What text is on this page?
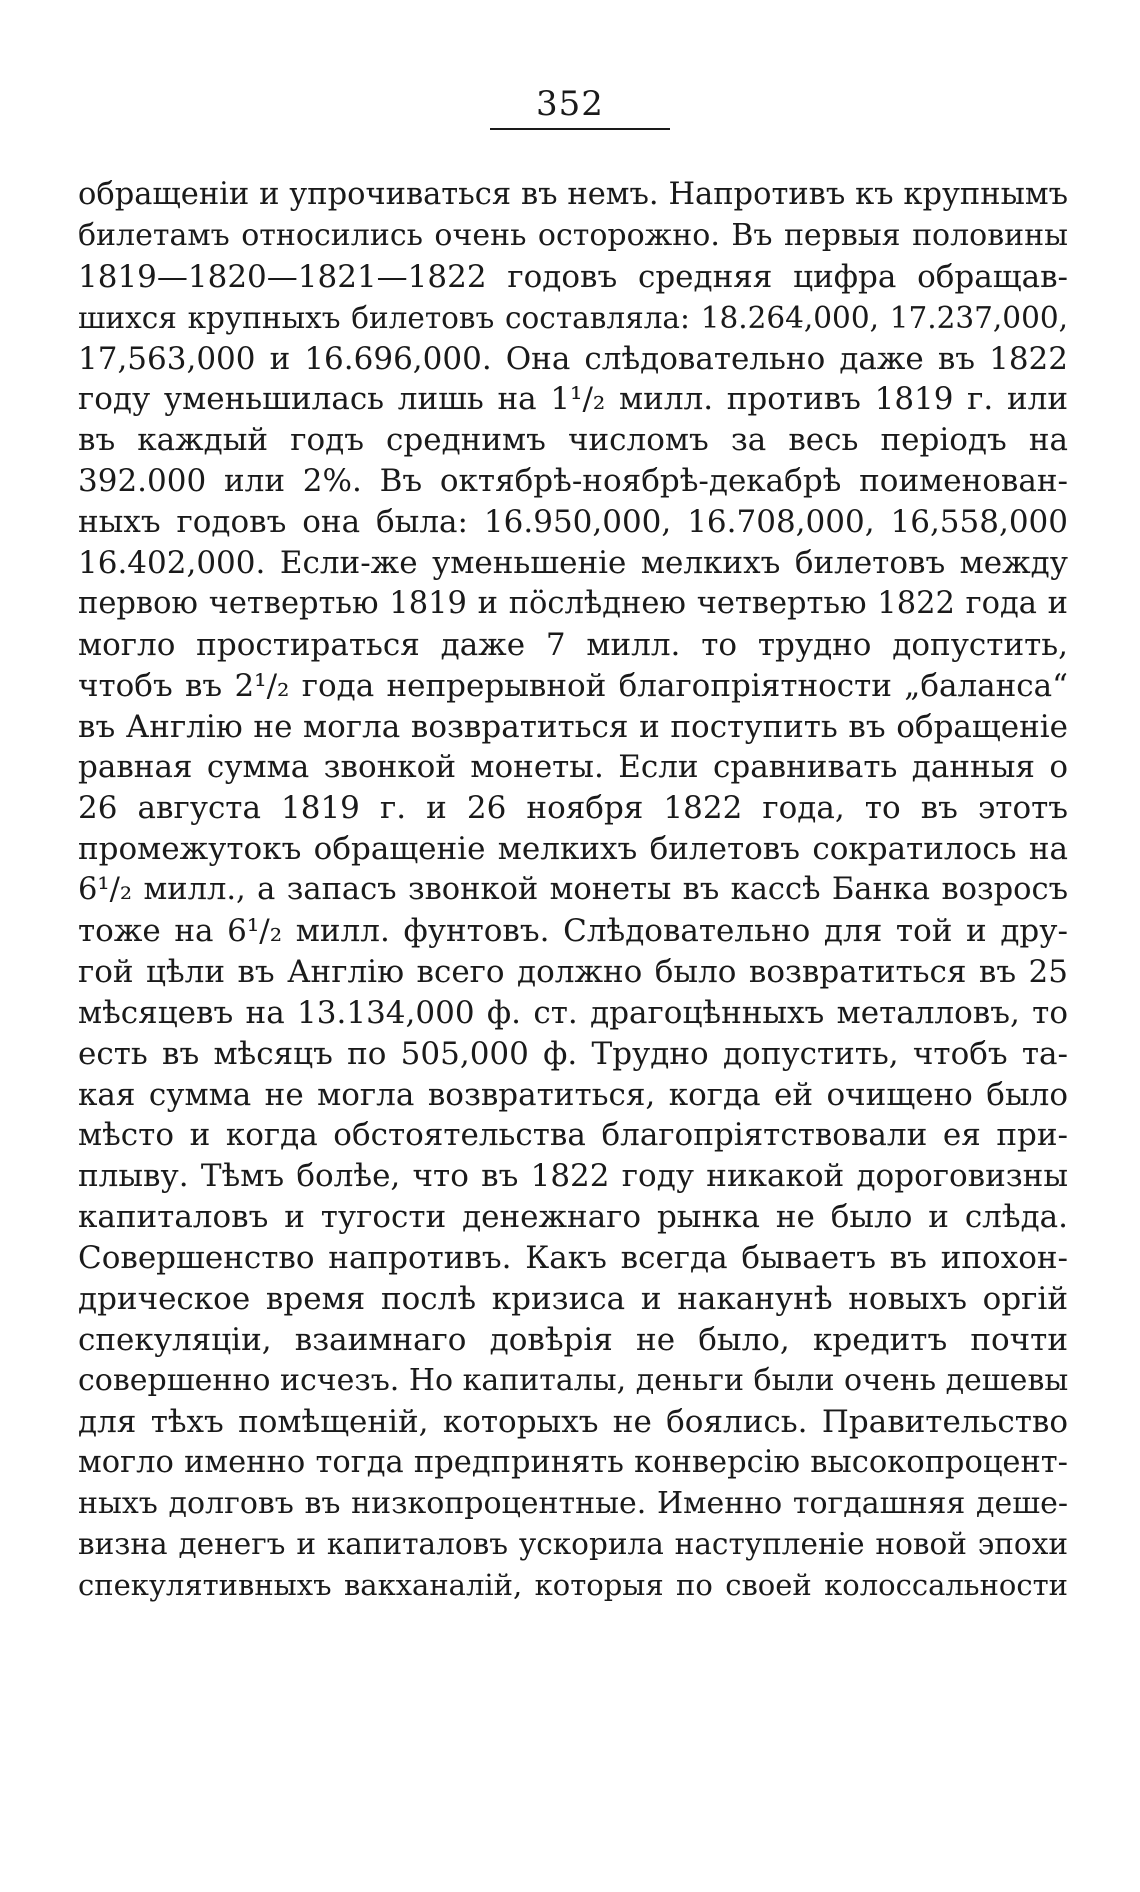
352
обращенiи и упрочиваться въ немъ. Напротивъ къ крупнымъ
билетамъ относились очень осторожно. Въ первыя половины
1819—1820—1821—1822 годовъ средняя цифра обращав-
шихся крупныхъ билетовъ составляла: 18.264,000, 17.237,000,
17,563,000 и 16.696,000. Она слѣдовательно даже въ 1822
году уменьшилась лишь на 1¹/₂ милл. противъ 1819 г. или
въ каждый годъ среднимъ числомъ за весь перiодъ на
392.000 или 2%. Въ октябрѣ-ноябрѣ-декабрѣ поименован-
ныхъ годовъ она была: 16.950,000, 16.708,000, 16,558,000
16.402,000. Если-же уменьшенiе мелкихъ билетовъ между
первою четвертью 1819 и по͏̈слѣднею четвертью 1822 года и
могло простираться даже͏ 7 милл. то трудно допустить,
чтобъ въ 2¹/₂ года непрерывной благопрiятности „баланса“
въ Англiю не могла возвратиться и поступить въ обращенiе
равная сумма звонкой монеты. Если сравнивать данныя о
26 августа 1819 г. и 26 ноября 1822 года, то въ этотъ
промежутокъ обращенiе мелкихъ билетовъ сократилось на
6¹/₂ милл., а запасъ звонкой монеты въ кассѣ Банка возросъ
тоже на 6¹/₂ милл. фунтовъ. Слѣдовательно для той и дру-
гой цѣли въ Англiю всего должно было возвратиться въ 25
мѣсяцевъ на 13.134,000 ф. ст. драгоцѣнныхъ металловъ, то
есть въ мѣсяцъ по 505,000 ф. Трудно допустить, чтобъ та-
кая сумма не могла возвратиться, когда ей очищено было
мѣсто и когда обстоятельства благопрiятствовали ея при-
плыву. Тѣмъ болѣе, что въ 1822 году никакой дороговизны
капиталовъ и тугости денежнаго рынка не было и слѣда.
Совершенство напротивъ. Какъ всегда бываетъ въ ипохон-
дрическое время послѣ кризиса и наканунѣ новыхъ оргiй
спекуляцiи, взаимнаго довѣрiя не было, кредитъ почти
совершенно исчезъ. Но капиталы, деньги были очень дешевы
для тѣхъ помѣщенiй, которыхъ не боялись. Правительство
могло именно тогда предпринять конверсiю высокопроцент-
ныхъ долговъ въ низкопроцентные. Именно тогдашняя деше-
визна денегъ и капиталовъ ускорила наступленiе новой эпохи
спекулятивныхъ вакханалiй, которыя по своей колоссальности
